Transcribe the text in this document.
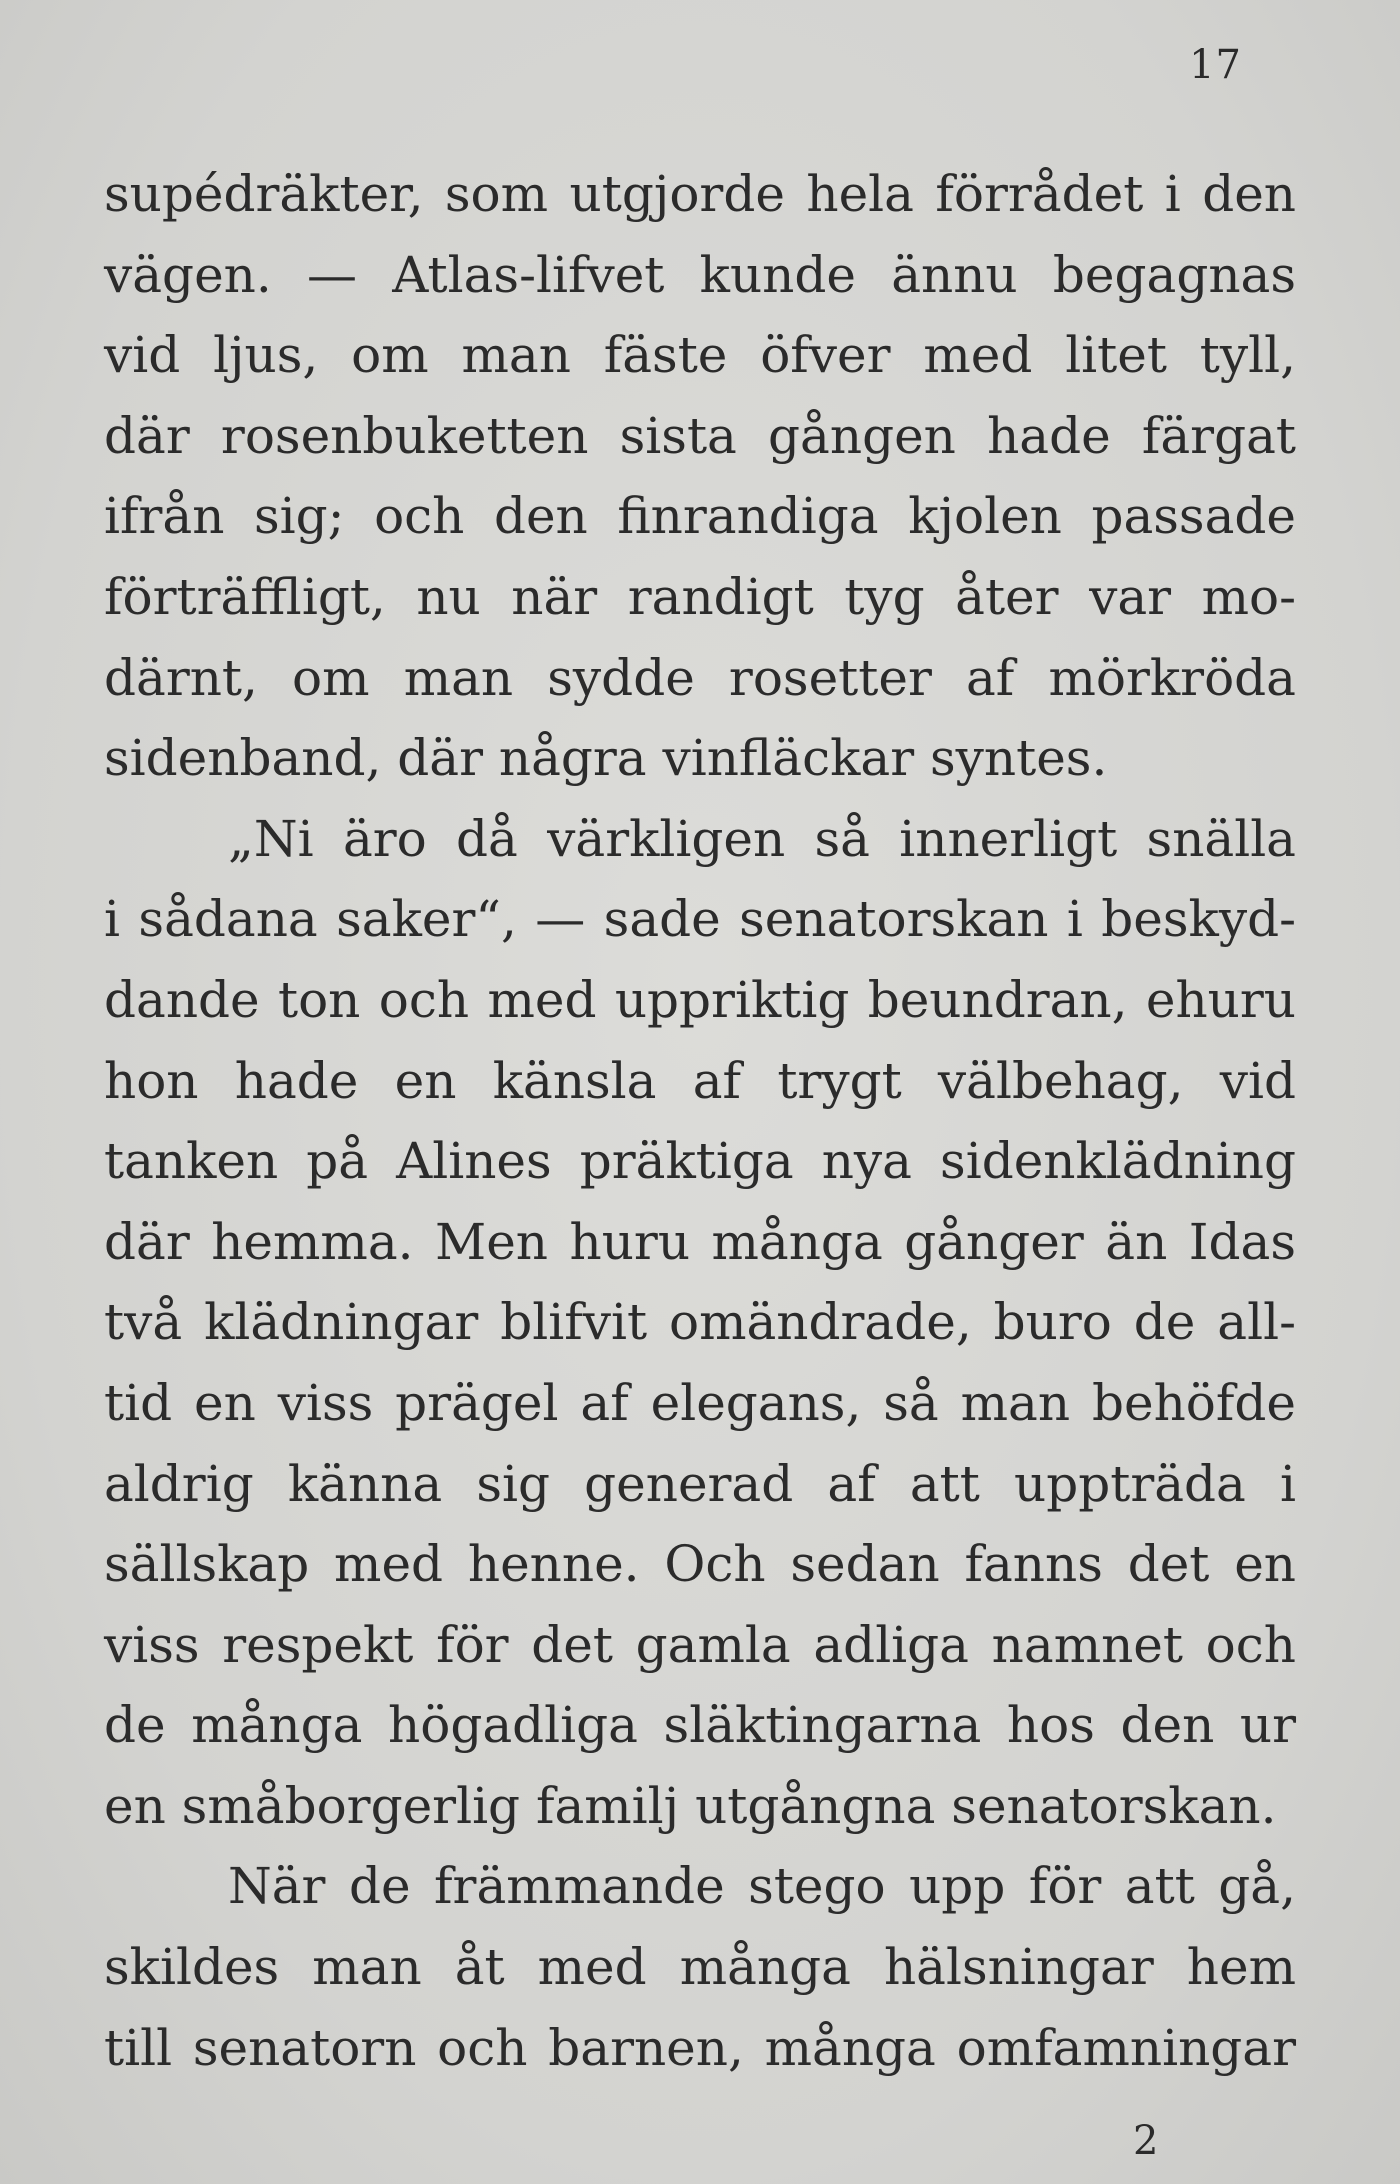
17
supédräkter, som utgjorde hela förrådet i den
vägen. — Atlas-lifvet kunde ännu begagnas
vid ljus, om man fäste öfver med litet tyll,
där rosenbuketten sista gången hade färgat
ifrån sig; och den finrandiga kjolen passade
förträffligt, nu när randigt tyg åter var mo-
därnt, om man sydde rosetter af mörkröda
sidenband, där några vinfläckar syntes.
„Ni äro då värkligen så innerligt snälla
i sådana saker“, — sade senatorskan i beskyd-
dande ton och med uppriktig beundran, ehuru
hon hade en känsla af trygt välbehag, vid
tanken på Alines präktiga nya sidenklädning
där hemma. Men huru många gånger än Idas
två klädningar blifvit omändrade, buro de all-
tid en viss prägel af elegans, så man behöfde
aldrig känna sig generad af att uppträda i
sällskap med henne. Och sedan fanns det en
viss respekt för det gamla adliga namnet och
de många högadliga släktingarna hos den ur
en småborgerlig familj utgångna senatorskan.
När de främmande stego upp för att gå,
skildes man åt med många hälsningar hem
till senatorn och barnen, många omfamningar
2
